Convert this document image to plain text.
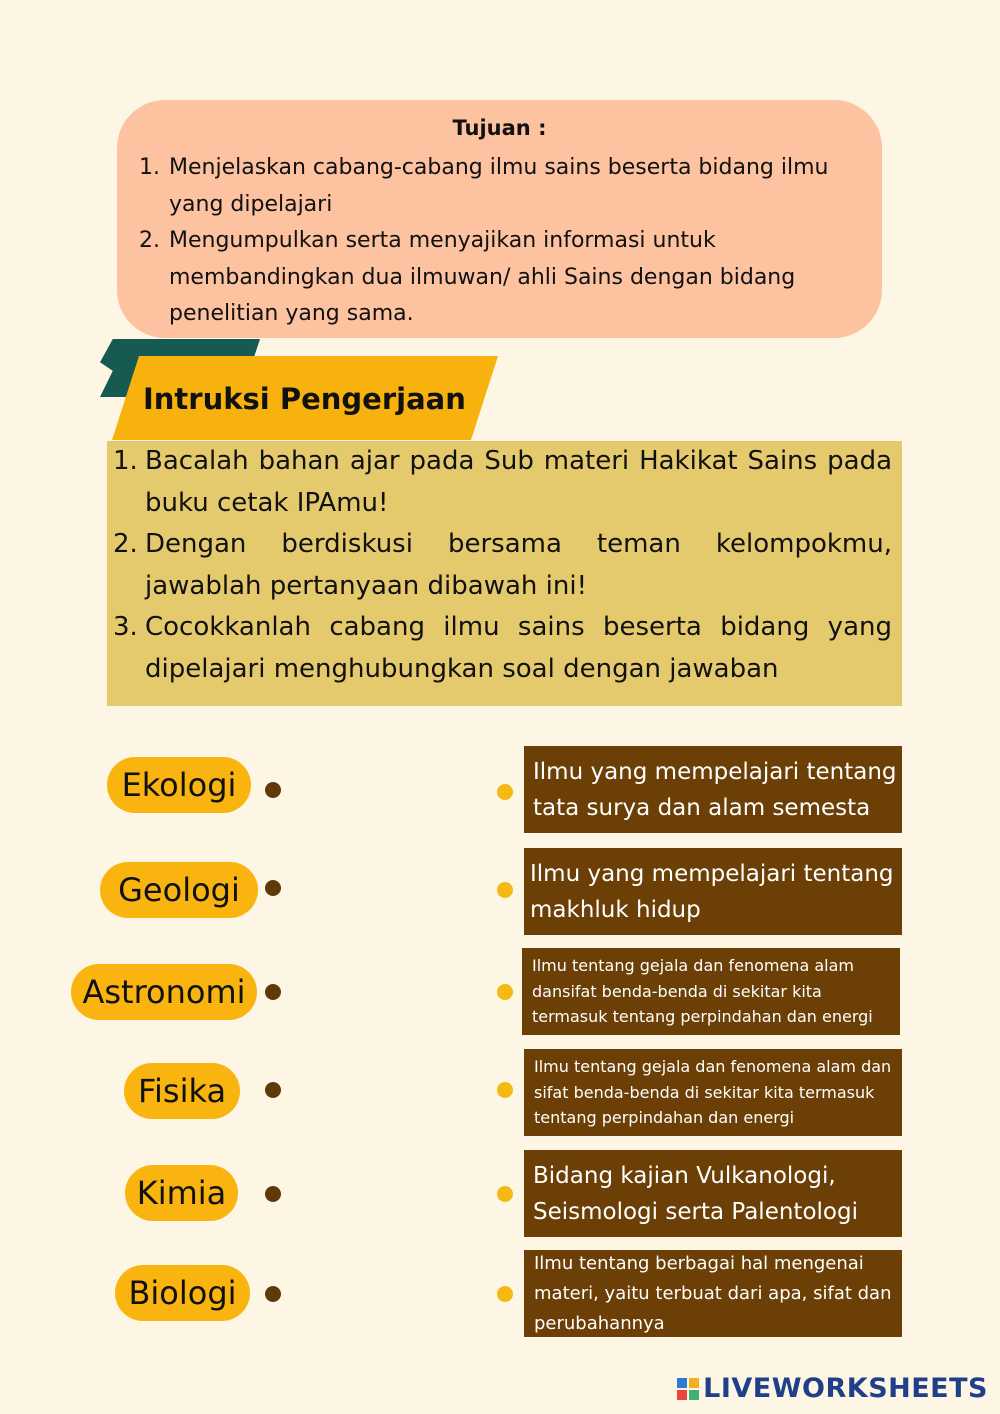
Tujuan :
1. Menjelaskan cabang-cabang ilmu sains beserta bidang ilmu yang dipelajari
2. Mengumpulkan serta menyajikan informasi untuk membandingkan dua ilmuwan/ ahli Sains dengan bidang penelitian yang sama.
Intruksi Pengerjaan
1. Bacalah bahan ajar pada Sub materi Hakikat Sains pada buku cetak IPAmu!
2. Dengan berdiskusi bersama teman kelompokmu, jawablah pertanyaan dibawah ini!
3. Cocokkanlah cabang ilmu sains beserta bidang yang dipelajari menghubungkan soal dengan jawaban
Ekologi
Geologi
Astronomi
Fisika
Kimia
Biologi
Ilmu yang mempelajari tentang tata surya dan alam semesta
Ilmu yang mempelajari tentang makhluk hidup
Ilmu tentang gejala dan fenomena alam dansifat benda-benda di sekitar kita termasuk tentang perpindahan dan energi
Ilmu tentang gejala dan fenomena alam dan sifat benda-benda di sekitar kita termasuk tentang perpindahan dan energi
Bidang kajian Vulkanologi, Seismologi serta Palentologi
Ilmu tentang berbagai hal mengenai materi, yaitu terbuat dari apa, sifat dan perubahannya
LIVEWORKSHEETS
